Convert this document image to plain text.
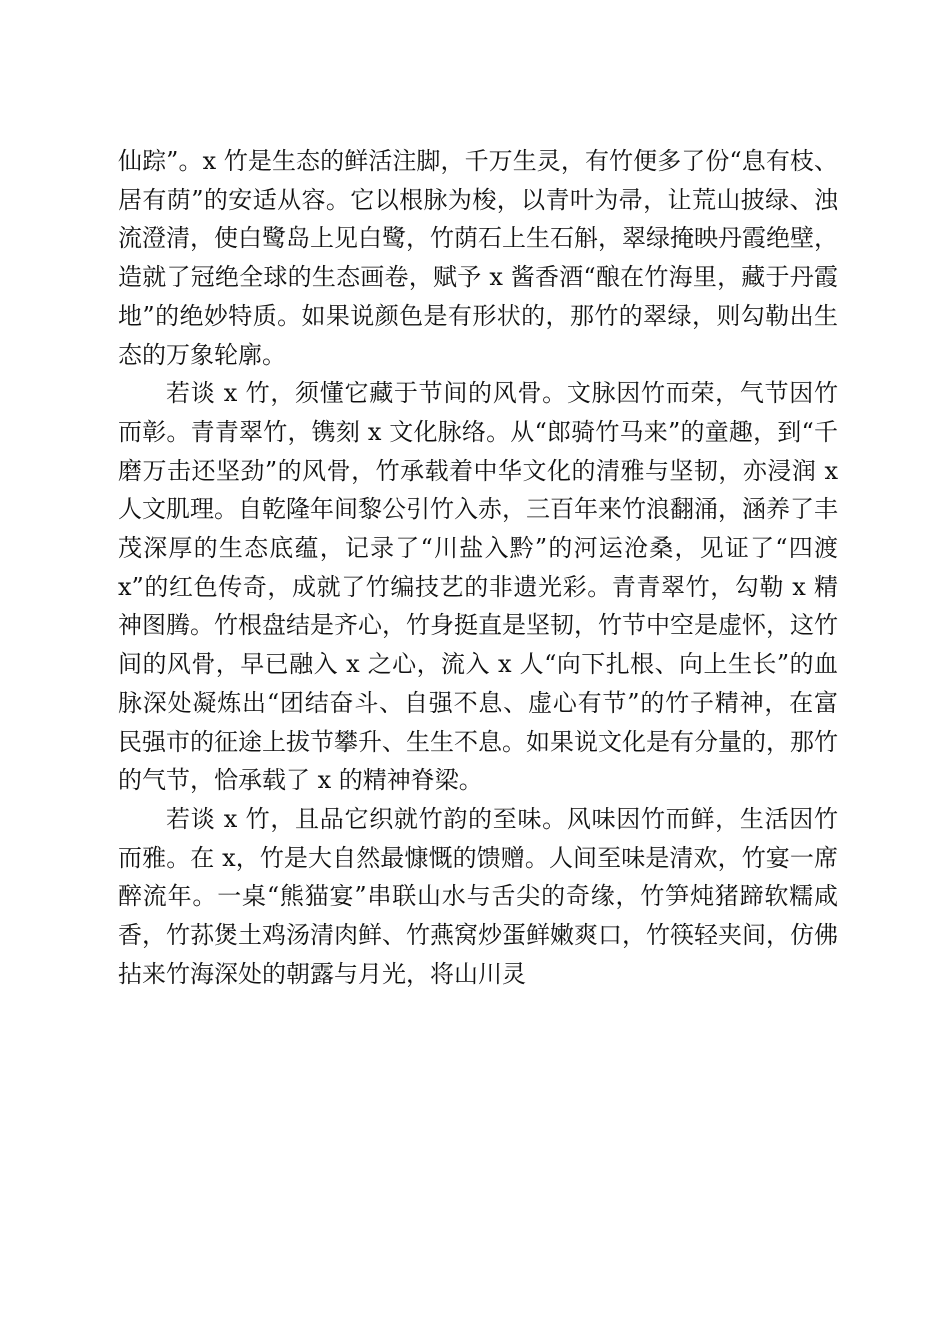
仙踪”。x 竹是生态的鲜活注脚，千万生灵，有竹便多了份“息有枝、居有荫”的安适从容。它以根脉为梭，以青叶为帚，让荒山披绿、浊流澄清，使白鹭岛上见白鹭，竹荫石上生石斛，翠绿掩映丹霞绝壁，造就了冠绝全球的生态画卷，赋予 x 酱香酒“酿在竹海里，藏于丹霞地”的绝妙特质。如果说颜色是有形状的，那竹的翠绿，则勾勒出生态的万象轮廓。

若谈 x 竹，须懂它藏于节间的风骨。文脉因竹而荣，气节因竹而彰。青青翠竹，镌刻 x 文化脉络。从“郎骑竹马来”的童趣，到“千磨万击还坚劲”的风骨，竹承载着中华文化的清雅与坚韧，亦浸润 x 人文肌理。自乾隆年间黎公引竹入赤，三百年来竹浪翻涌，涵养了丰茂深厚的生态底蕴，记录了“川盐入黔”的河运沧桑，见证了“四渡 x”的红色传奇，成就了竹编技艺的非遗光彩。青青翠竹，勾勒 x 精神图腾。竹根盘结是齐心，竹身挺直是坚韧，竹节中空是虚怀，这竹间的风骨，早已融入 x 之心，流入 x 人“向下扎根、向上生长”的血脉深处凝炼出“团结奋斗、自强不息、虚心有节”的竹子精神，在富民强市的征途上拔节攀升、生生不息。如果说文化是有分量的，那竹的气节，恰承载了 x 的精神脊梁。

若谈 x 竹，且品它织就竹韵的至味。风味因竹而鲜，生活因竹而雅。在 x，竹是大自然最慷慨的馈赠。人间至味是清欢，竹宴一席醉流年。一桌“熊猫宴”串联山水与舌尖的奇缘，竹笋炖猪蹄软糯咸香，竹荪煲土鸡汤清肉鲜、竹燕窝炒蛋鲜嫩爽口，竹筷轻夹间，仿佛拈来竹海深处的朝露与月光，将山川灵
